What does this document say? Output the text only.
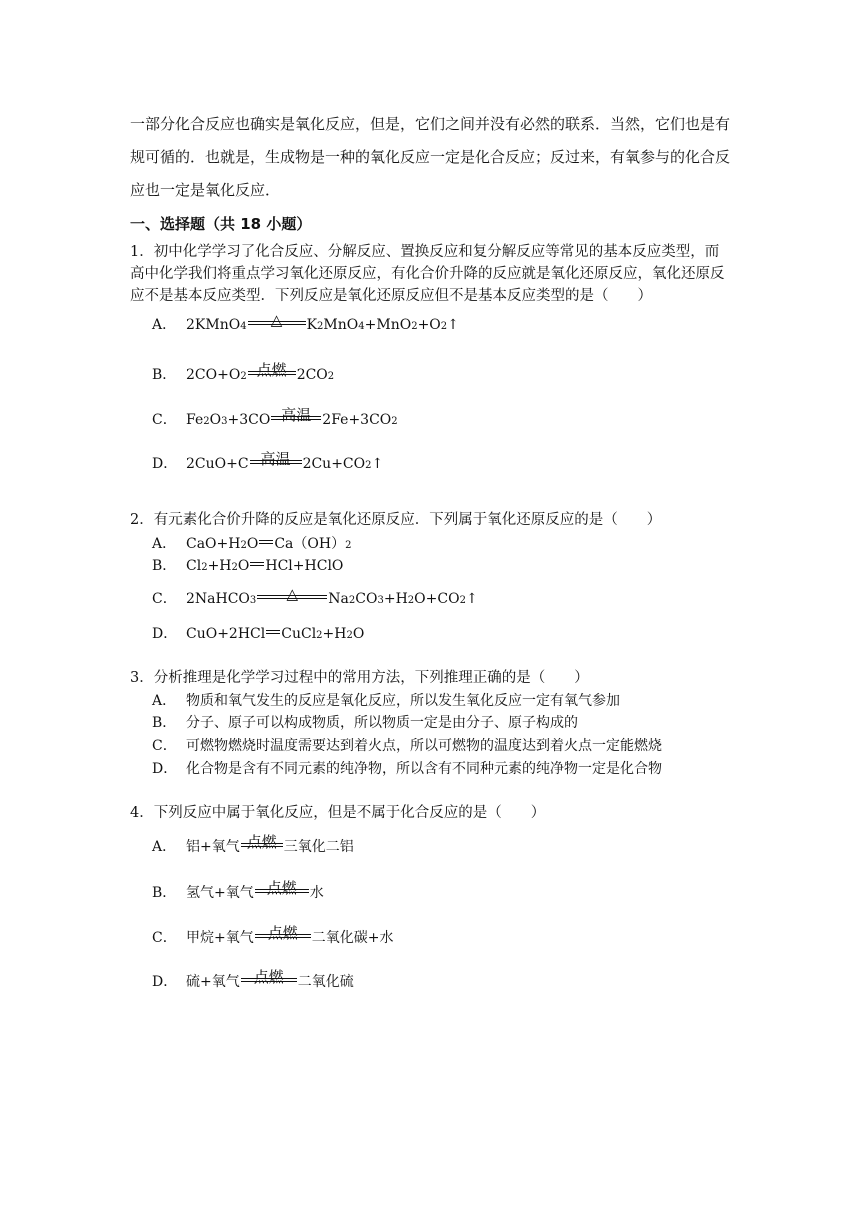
一部分化合反应也确实是氧化反应，但是，它们之间并没有必然的联系．当然，它们也是有规可循的．也就是，生成物是一种的氧化反应一定是化合反应；反过来，有氧参与的化合反应也一定是氧化反应．
一、选择题（共 18 小题）
1．初中化学学习了化合反应、分解反应、置换反应和复分解反应等常见的基本反应类型，而高中化学我们将重点学习氧化还原反应，有化合价升降的反应就是氧化还原反应，氧化还原反应不是基本反应类型．下列反应是氧化还原反应但不是基本反应类型的是（　　）
A． 2KMnO 4	△	K 2 MnO 4 +MnO 2 +O 2 ↑
B． 2CO+O 2 点燃 2CO 2
C． Fe 2 O 3 +3CO 高温 2Fe+3CO 2
D． 2CuO+C 高温 2Cu+CO 2 ↑
2．有元素化合价升降的反应是氧化还原反应．下列属于氧化还原反应的是（　　）
A． CaO+H 2 O $Ca(OH)_2$
B． Cl 2 +H 2 O HCl+HClO
C． 2NaHCO 3	△	Na 2 CO 3 +H 2 O+CO 2 ↑
D． CuO+2HCl CuCl$_2$ +H 2 O
3．分析推理是化学学习过程中的常用方法，下列推理正确的是（　　）
A． 物质和氧气发生的反应是氧化反应，所以发生氧化反应一定有氧气参加
B． 分子、原子可以构成物质，所以物质一定是由分子、原子构成的
C． 可燃物燃烧时温度需要达到着火点，所以可燃物的温度达到着火点一定能燃烧
D． 化合物是含有不同元素的纯净物，所以含有不同种元素的纯净物一定是化合物
4．下列反应中属于氧化反应，但是不属于化合反应的是（　　）
A． 铝+氧气 点燃 三氧化二铝
B． 氢气+氧气 点燃 水
C． 甲烷+氧气 点燃	二氧化碳+水
D． 硫+氧气 点燃	二氧化硫
